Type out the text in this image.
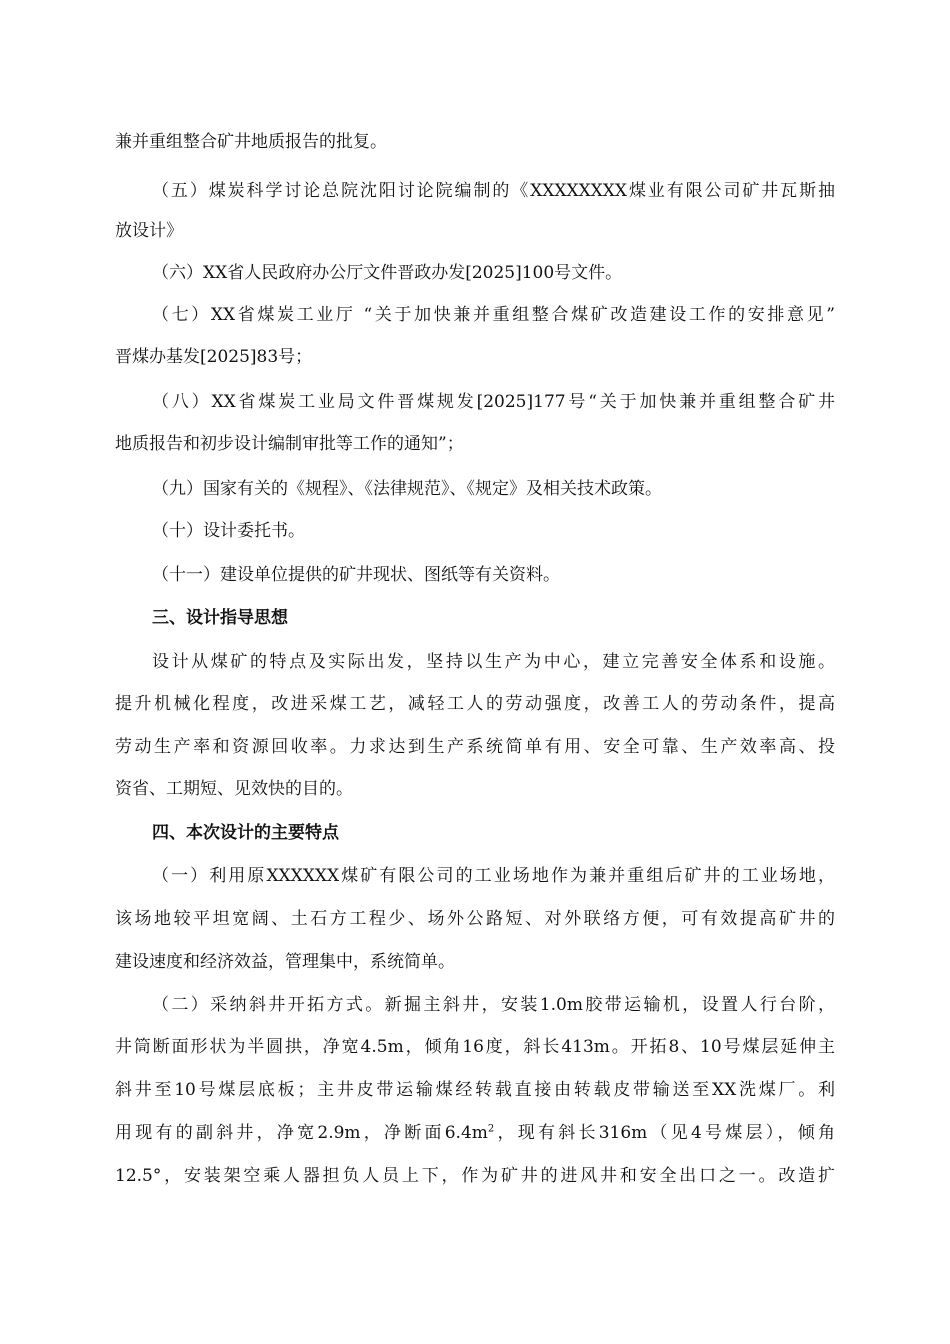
兼并重组整合矿井地质报告的批复。
（五）煤炭科学讨论总院沈阳讨论院编制的《XXXXXXXX煤业有限公司矿井瓦斯抽
放设计》
（六）XX省人民政府办公厅文件晋政办发[2025]100号文件。
（七）XX省煤炭工业厅 “关于加快兼并重组整合煤矿改造建设工作的安排意见”
晋煤办基发[2025]83号；
（八）XX省煤炭工业局文件晋煤规发[2025]177号“关于加快兼并重组整合矿井
地质报告和初步设计编制审批等工作的通知”；
（九）国家有关的《规程》、《法律规范》、《规定》及相关技术政策。
（十）设计委托书。
（十一）建设单位提供的矿井现状、图纸等有关资料。
三、设计指导思想
设计从煤矿的特点及实际出发，坚持以生产为中心，建立完善安全体系和设施。
提升机械化程度，改进采煤工艺，减轻工人的劳动强度，改善工人的劳动条件，提高
劳动生产率和资源回收率。力求达到生产系统简单有用、安全可靠、生产效率高、投
资省、工期短、见效快的目的。
四、本次设计的主要特点
（一）利用原XXXXXX煤矿有限公司的工业场地作为兼并重组后矿井的工业场地，
该场地较平坦宽阔、土石方工程少、场外公路短、对外联络方便，可有效提高矿井的
建设速度和经济效益，管理集中，系统简单。
（二）采纳斜井开拓方式。新掘主斜井，安装1.0m胶带运输机，设置人行台阶，
井筒断面形状为半圆拱，净宽4.5m，倾角16度，斜长413m。开拓8、10号煤层延伸主
斜井至10号煤层底板；主井皮带运输煤经转载直接由转载皮带输送至XX洗煤厂。利
用现有的副斜井，净宽2.9m，净断面$6.4m^2$，现有斜长316m（见4号煤层），倾角
12.5°，安装架空乘人器担负人员上下，作为矿井的进风井和安全出口之一。改造扩
